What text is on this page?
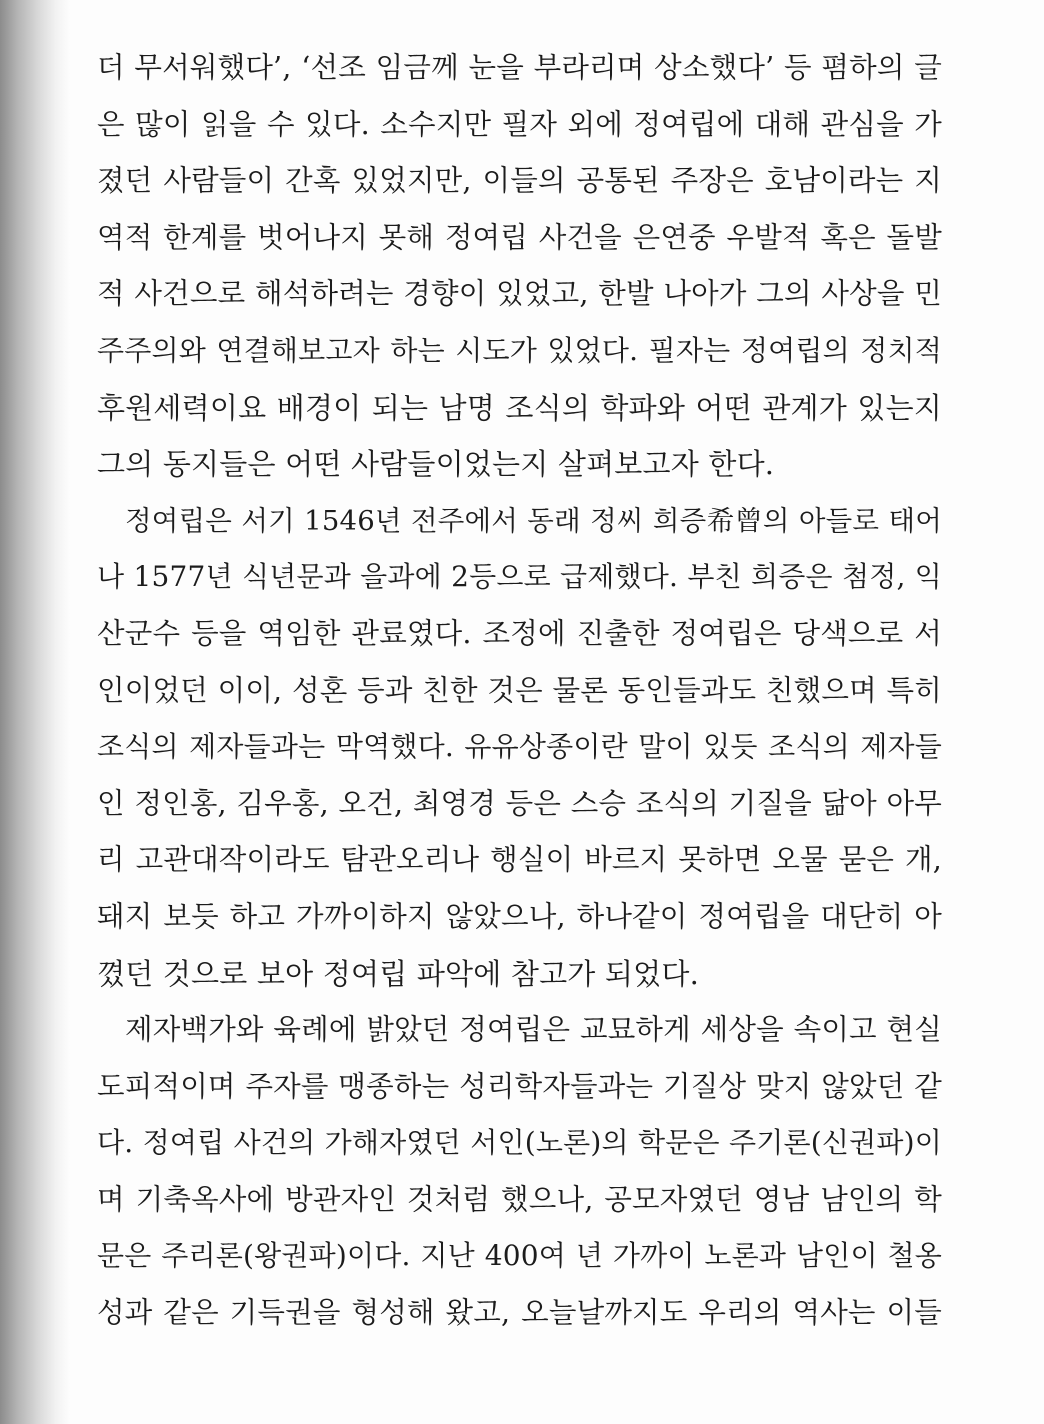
더 무서워했다’, ‘선조 임금께 눈을 부라리며 상소했다’ 등 폄하의 글
은 많이 읽을 수 있다. 소수지만 필자 외에 정여립에 대해 관심을 가
졌던 사람들이 간혹 있었지만, 이들의 공통된 주장은 호남이라는 지
역적 한계를 벗어나지 못해 정여립 사건을 은연중 우발적 혹은 돌발
적 사건으로 해석하려는 경향이 있었고, 한발 나아가 그의 사상을 민
주주의와 연결해보고자 하는 시도가 있었다. 필자는 정여립의 정치적
후원세력이요 배경이 되는 남명 조식의 학파와 어떤 관계가 있는지
그의 동지들은 어떤 사람들이었는지 살펴보고자 한다.
정여립은 서기 1546년 전주에서 동래 정씨 희증希曾의 아들로 태어
나 1577년 식년문과 을과에 2등으로 급제했다. 부친 희증은 첨정, 익
산군수 등을 역임한 관료였다. 조정에 진출한 정여립은 당색으로 서
인이었던 이이, 성혼 등과 친한 것은 물론 동인들과도 친했으며 특히
조식의 제자들과는 막역했다. 유유상종이란 말이 있듯 조식의 제자들
인 정인홍, 김우홍, 오건, 최영경 등은 스승 조식의 기질을 닮아 아무
리 고관대작이라도 탐관오리나 행실이 바르지 못하면 오물 묻은 개,
돼지 보듯 하고 가까이하지 않았으나, 하나같이 정여립을 대단히 아
꼈던 것으로 보아 정여립 파악에 참고가 되었다.
제자백가와 육례에 밝았던 정여립은 교묘하게 세상을 속이고 현실
도피적이며 주자를 맹종하는 성리학자들과는 기질상 맞지 않았던 같
다. 정여립 사건의 가해자였던 서인(노론)의 학문은 주기론(신권파)이
며 기축옥사에 방관자인 것처럼 했으나, 공모자였던 영남 남인의 학
문은 주리론(왕권파)이다. 지난 400여 년 가까이 노론과 남인이 철옹
성과 같은 기득권을 형성해 왔고, 오늘날까지도 우리의 역사는 이들
